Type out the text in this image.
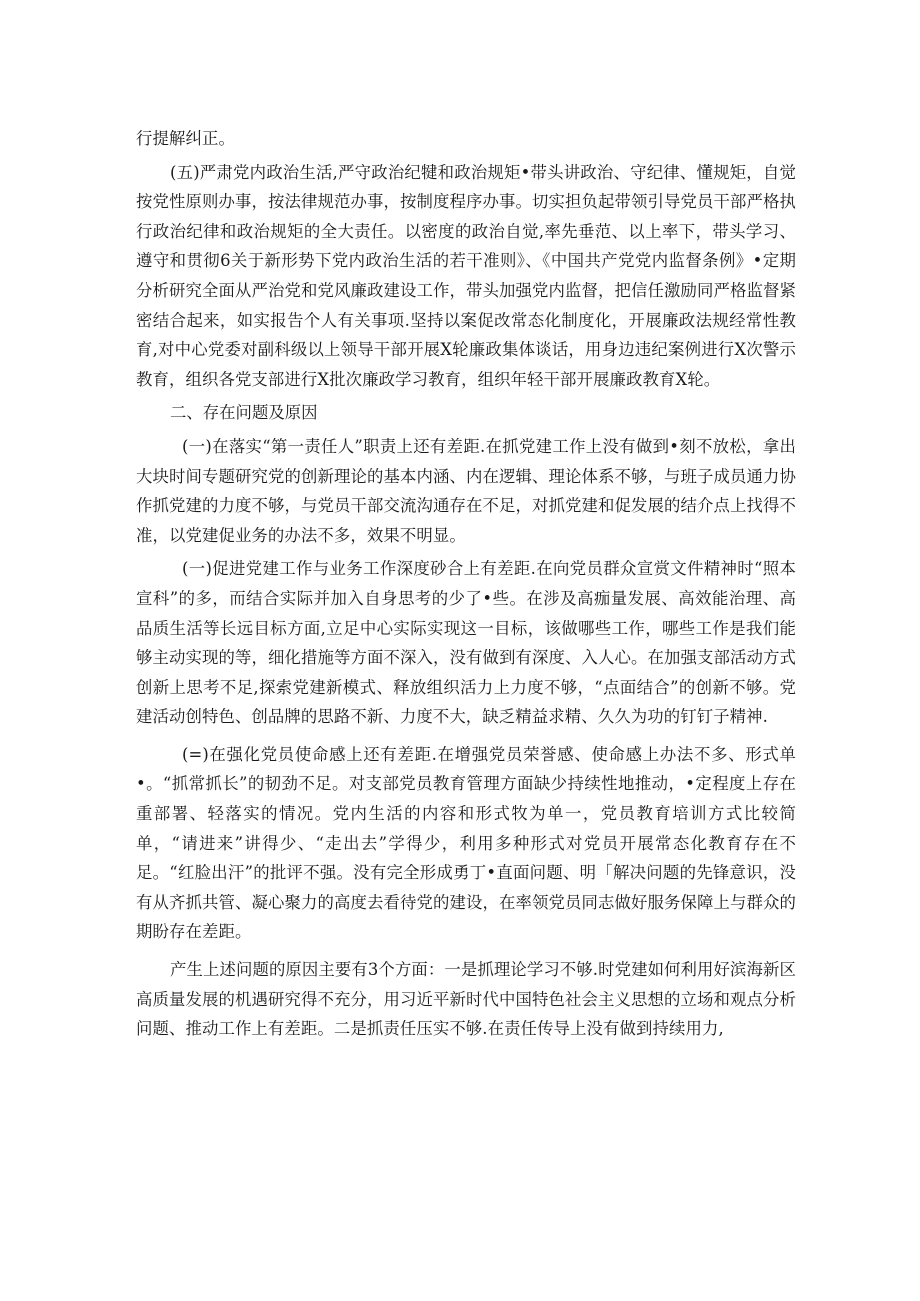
行提解纠正。

(五)严肃党内政治生活,严守政治纪犍和政治规矩•带头讲政治、守纪律、懂规矩，自觉按党性原则办事，按法律规范办事，按制度程序办事。切实担负起带领引导党员干部严格执行政治纪律和政治规矩的全大责任。以密度的政治自觉,率先垂范、以上率下，带头学习、遵守和贯彻6关于新形势下党内政治生活的若干准则》、《中国共产党党内监督条例》•定期分析研究全面从严治党和党风廉政建设工作，带头加强党内监督，把信任激励同严格监督紧密结合起来，如实报告个人有关事项.坚持以案促改常态化制度化，开展廉政法规经常性教育,对中心党委对副科级以上领导干部开展X轮廉政集体谈话，用身边违纪案例进行X次警示教育，组织各党支部进行X批次廉政学习教育，组织年轻干部开展廉政教育X轮。

二、存在问题及原因

(一)在落实“第一责任人”职责上还有差距.在抓党建工作上没有做到•刻不放松，拿出大块时间专题研究党的创新理论的基本内涵、内在逻辑、理论体系不够，与班子成员通力协作抓党建的力度不够，与党员干部交流沟通存在不足，对抓党建和促发展的结介点上找得不准，以党建促业务的办法不多，效果不明显。

(一)促进党建工作与业务工作深度砂合上有差距.在向党员群众宣赏文件精神时“照本宣科”的多，而结合实际并加入自身思考的少了•些。在涉及高痂量发展、高效能治理、高品质生活等长远目标方面,立足中心实际实现这一目标，该做哪些工作，哪些工作是我们能够主动实现的等，细化措施等方面不深入，没有做到有深度、入人心。在加强支部活动方式创新上思考不足,探索党建新模式、释放组织活力上力度不够，“点面结合”的创新不够。党建活动创特色、创品牌的思路不新、力度不大，缺乏精益求精、久久为功的钉钉子精神.

(=)在强化党员使命感上还有差距.在增强党员荣誉感、使命感上办法不多、形式单•。“抓常抓长”的韧劲不足。对支部党员教育管理方面缺少持续性地推动，•定程度上存在重部署、轻落实的情况。党内生活的内容和形式牧为单一，党员教育培训方式比较简单，“请进来”讲得少、“走出去”学得少，利用多种形式对党员开展常态化教育存在不足。“红脸出汗”的批评不强。没有完全形成勇丁•直面问题、明「解决问题的先锋意识，没有从齐抓共管、凝心聚力的高度去看待党的建设，在率领党员同志做好服务保障上与群众的期盼存在差距。

产生上述问题的原因主要有3个方面：一是抓理论学习不够.时党建如何利用好滨海新区高质量发展的机遇研究得不充分，用习近平新时代中国特色社会主义思想的立场和观点分析问题、推动工作上有差距。二是抓责任压实不够.在责任传导上没有做到持续用力,
